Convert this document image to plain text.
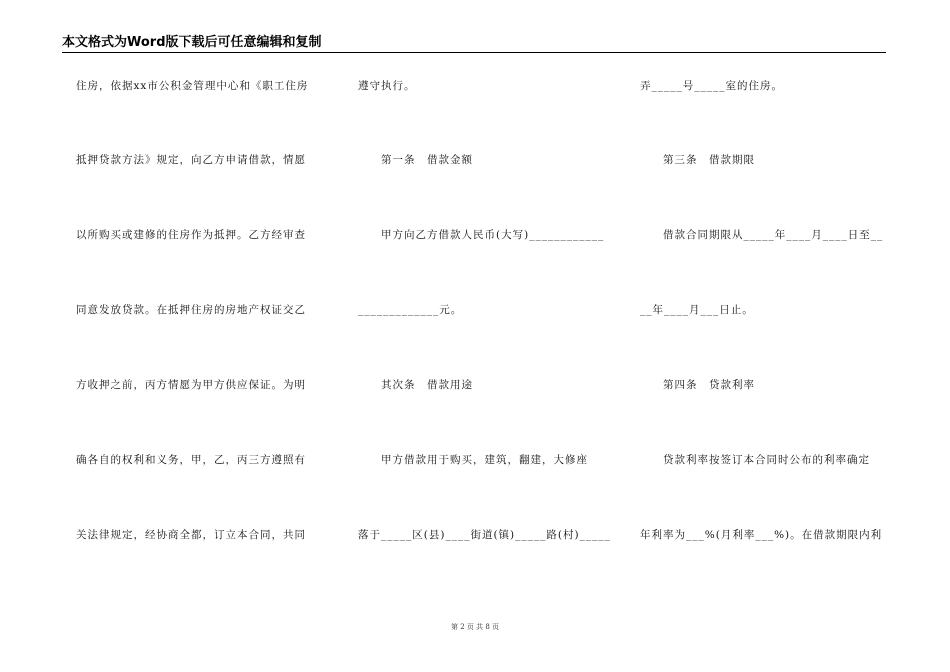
本文格式为Word版下载后可任意编辑和复制
住房，依据xx市公积金管理中心和《职工住房
抵押贷款方法》规定，向乙方申请借款，情愿
以所购买或建修的住房作为抵押。乙方经审查
同意发放贷款。在抵押住房的房地产权证交乙
方收押之前，丙方情愿为甲方供应保证。为明
确各自的权利和义务，甲，乙，丙三方遵照有
关法律规定，经协商全都，订立本合同，共同
遵守执行。
　　第一条　借款金额
　　甲方向乙方借款人民币(大写)____________
_____________元。
　　其次条　借款用途
　　甲方借款用于购买，建筑，翻建，大修座
落于_____区(县)____街道(镇)_____路(村)_____
弄_____号_____室的住房。
　　第三条　借款期限
　　借款合同期限从_____年____月____日至__
__年____月___日止。
　　第四条　贷款利率
　　贷款利率按签订本合同时公布的利率确定
年利率为___%(月利率___%)。在借款期限内利
第 2 页 共 8 页
